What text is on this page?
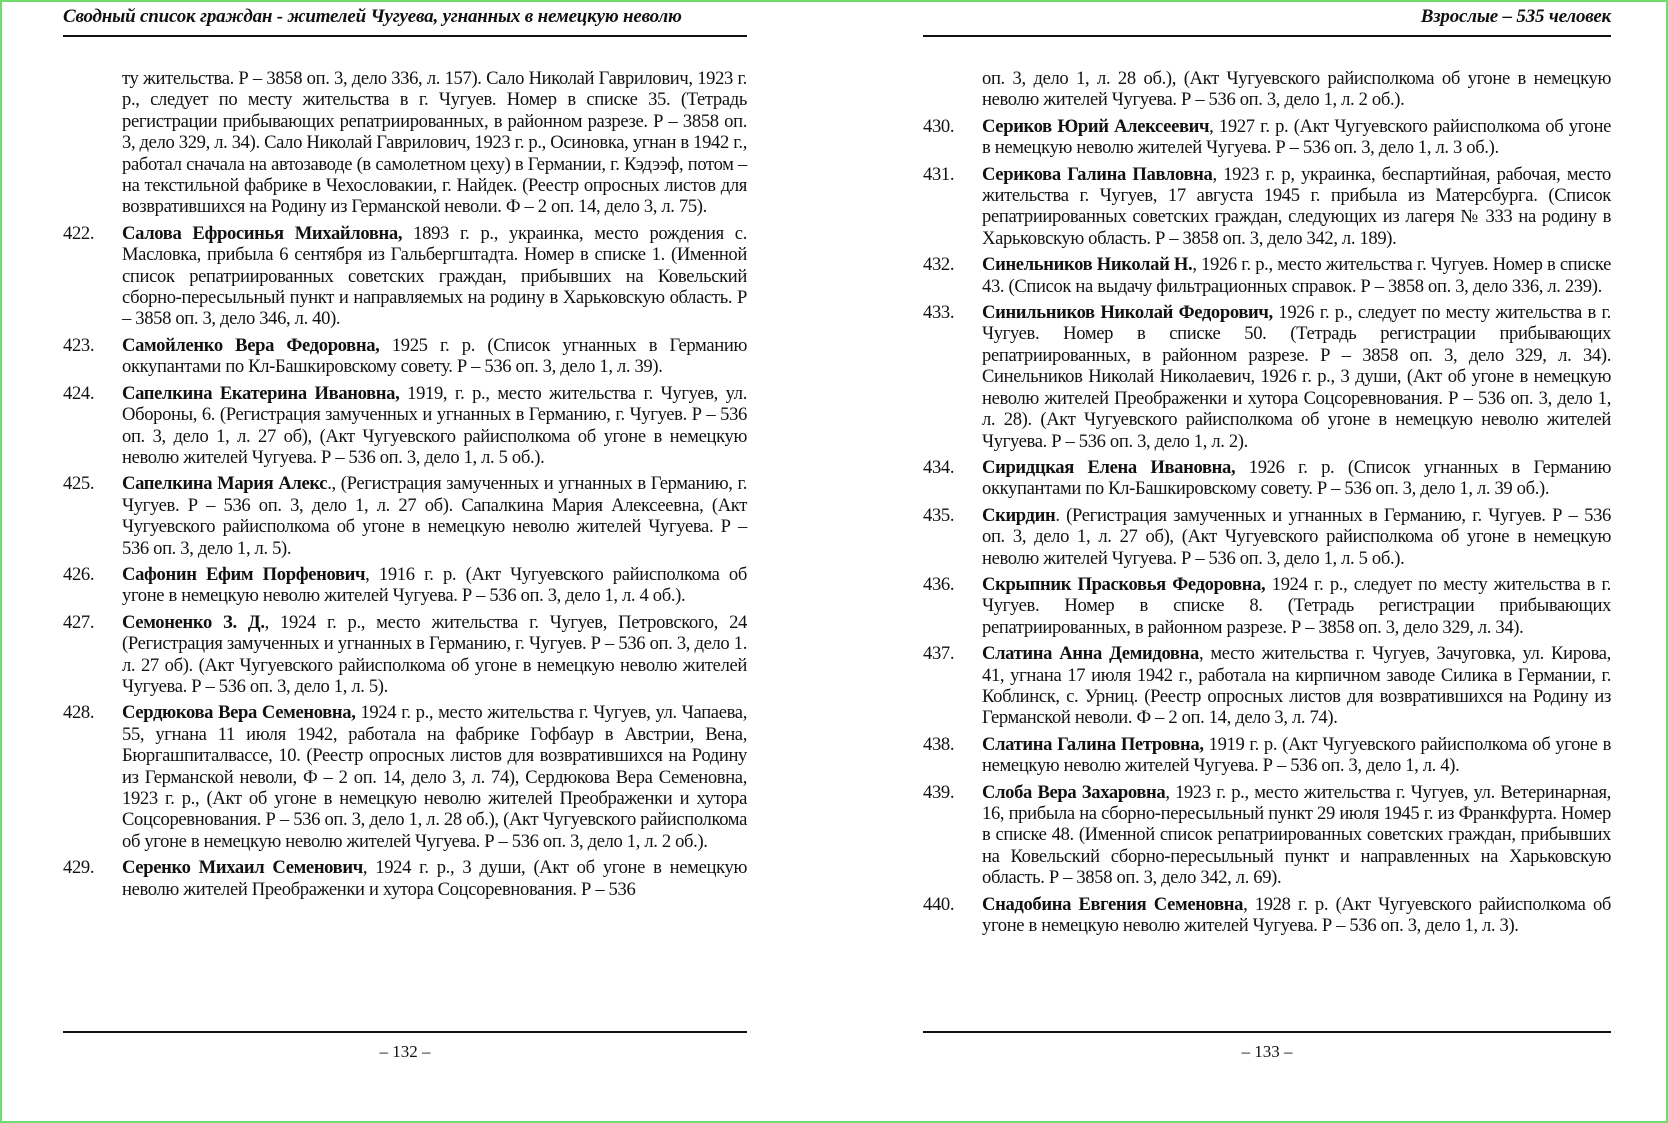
Сводный список граждан - жителей Чугуева, угнанных в немецкую неволю
ту жительства. Р – 3858 оп. 3, дело 336, л. 157). Сало Николай Гаврилович, 1923 г. р., следует по месту жительства в г. Чугуев. Номер в списке 35. (Тетрадь регистрации прибывающих репатриированных, в районном разрезе. Р – 3858 оп. 3, дело 329, л. 34). Сало Николай Гаврилович, 1923 г. р., Осиновка, угнан в 1942 г., работал сначала на автозаводе (в самолетном цеху) в Германии, г. Кэдээф, потом – на текстильной фабрике в Чехословакии, г. Найдек. (Реестр опросных листов для возвратившихся на Родину из Германской неволи. Ф – 2 оп. 14, дело 3, л. 75).
422.	Салова Ефросинья Михайловна, 1893 г. р., украинка, место рождения с. Масловка, прибыла 6 сентября из Гальбергштадта. Номер в списке 1. (Именной список репатриированных советских граждан, прибывших на Ковельский сборно-пересыльный пункт и направляемых на родину в Харьковскую область. Р – 3858 оп. 3, дело 346, л. 40).
423.	Самойленко Вера Федоровна, 1925 г. р. (Список угнанных в Германию оккупантами по Кл-Башкировскому совету. Р – 536 оп. 3, дело 1, л. 39).
424.	Сапелкина Екатерина Ивановна, 1919, г. р., место жительства г. Чугуев, ул. Обороны, 6. (Регистрация замученных и угнанных в Германию, г. Чугуев. Р – 536 оп. 3, дело 1, л. 27 об), (Акт Чугуевского райисполкома об угоне в немецкую неволю жителей Чугуева. Р – 536 оп. 3, дело 1, л. 5 об.).
425.	Сапелкина Мария Алекс., (Регистрация замученных и угнанных в Германию, г. Чугуев. Р – 536 оп. 3, дело 1, л. 27 об). Сапалкина Мария Алексеевна, (Акт Чугуевского райисполкома об угоне в немецкую неволю жителей Чугуева. Р – 536 оп. 3, дело 1, л. 5).
426.	Сафонин Ефим Порфенович, 1916 г. р. (Акт Чугуевского райисполкома об угоне в немецкую неволю жителей Чугуева. Р – 536 оп. 3, дело 1, л. 4 об.).
427.	Семоненко З. Д., 1924 г. р., место жительства г. Чугуев, Петровского, 24 (Регистрация замученных и угнанных в Германию, г. Чугуев. Р – 536 оп. 3, дело 1. л. 27 об). (Акт Чугуевского райисполкома об угоне в немецкую неволю жителей Чугуева. Р – 536 оп. 3, дело 1, л. 5).
428.	Сердюкова Вера Семеновна, 1924 г. р., место жительства г. Чугуев, ул. Чапаева, 55, угнана 11 июля 1942, работала на фабрике Гофбаур в Австрии, Вена, Бюргашпиталвассе, 10. (Реестр опросных листов для возвратившихся на Родину из Германской неволи, Ф – 2 оп. 14, дело 3, л. 74), Сердюкова Вера Семеновна, 1923 г. р., (Акт об угоне в немецкую неволю жителей Преображенки и хутора Соцсоревнования. Р – 536 оп. 3, дело 1, л. 28 об.), (Акт Чугуевского райисполкома об угоне в немецкую неволю жителей Чугуева. Р – 536 оп. 3, дело 1, л. 2 об.).
429.	Серенко Михаил Семенович, 1924 г. р., 3 души, (Акт об угоне в немецкую неволю жителей Преображенки и хутора Соцсоревнования. Р – 536
– 132 –
Взрослые – 535 человек
оп. 3, дело 1, л. 28 об.), (Акт Чугуевского райисполкома об угоне в немецкую неволю жителей Чугуева. Р – 536 оп. 3, дело 1, л. 2 об.).
430.	Сериков Юрий Алексеевич, 1927 г. р. (Акт Чугуевского райисполкома об угоне в немецкую неволю жителей Чугуева. Р – 536 оп. 3, дело 1, л. 3 об.).
431.	Серикова Галина Павловна, 1923 г. р, украинка, беспартийная, рабочая, место жительства г. Чугуев, 17 августа 1945 г. прибыла из Матерсбурга. (Список репатриированных советских граждан, следующих из лагеря № 333 на родину в Харьковскую область. Р – 3858 оп. 3, дело 342, л. 189).
432.	Синельников Николай Н., 1926 г. р., место жительства г. Чугуев. Номер в списке 43. (Список на выдачу фильтрационных справок. Р – 3858 оп. 3, дело 336, л. 239).
433.	Синильников Николай Федорович, 1926 г. р., следует по месту жительства в г. Чугуев. Номер в списке 50. (Тетрадь регистрации прибывающих репатриированных, в районном разрезе. Р – 3858 оп. 3, дело 329, л. 34). Синельников Николай Николаевич, 1926 г. р., 3 души, (Акт об угоне в немецкую неволю жителей Преображенки и хутора Соцсоревнования. Р – 536 оп. 3, дело 1, л. 28). (Акт Чугуевского райисполкома об угоне в немецкую неволю жителей Чугуева. Р – 536 оп. 3, дело 1, л. 2).
434.	Сиридцкая Елена Ивановна, 1926 г. р. (Список угнанных в Германию оккупантами по Кл-Башкировскому совету. Р – 536 оп. 3, дело 1, л. 39 об.).
435.	Скирдин. (Регистрация замученных и угнанных в Германию, г. Чугуев. Р – 536 оп. 3, дело 1, л. 27 об), (Акт Чугуевского райисполкома об угоне в немецкую неволю жителей Чугуева. Р – 536 оп. 3, дело 1, л. 5 об.).
436.	Скрыпник Прасковья Федоровна, 1924 г. р., следует по месту жительства в г. Чугуев. Номер в списке 8. (Тетрадь регистрации прибывающих репатриированных, в районном разрезе. Р – 3858 оп. 3, дело 329, л. 34).
437.	Слатина Анна Демидовна, место жительства г. Чугуев, Зачуговка, ул. Кирова, 41, угнана 17 июля 1942 г., работала на кирпичном заводе Силика в Германии, г. Коблинск, с. Урниц. (Реестр опросных листов для возвратившихся на Родину из Германской неволи. Ф – 2 оп. 14, дело 3, л. 74).
438.	Слатина Галина Петровна, 1919 г. р. (Акт Чугуевского райисполкома об угоне в немецкую неволю жителей Чугуева. Р – 536 оп. 3, дело 1, л. 4).
439.	Слоба Вера Захаровна, 1923 г. р., место жительства г. Чугуев, ул. Ветеринарная, 16, прибыла на сборно-пересыльный пункт 29 июля 1945 г. из Франкфурта. Номер в списке 48. (Именной список репатриированных советских граждан, прибывших на Ковельский сборно-пересыльный пункт и направленных на Харьковскую область. Р – 3858 оп. 3, дело 342, л. 69).
440.	Снадобина Евгения Семеновна, 1928 г. р. (Акт Чугуевского райисполкома об угоне в немецкую неволю жителей Чугуева. Р – 536 оп. 3, дело 1, л. 3).
– 133 –
